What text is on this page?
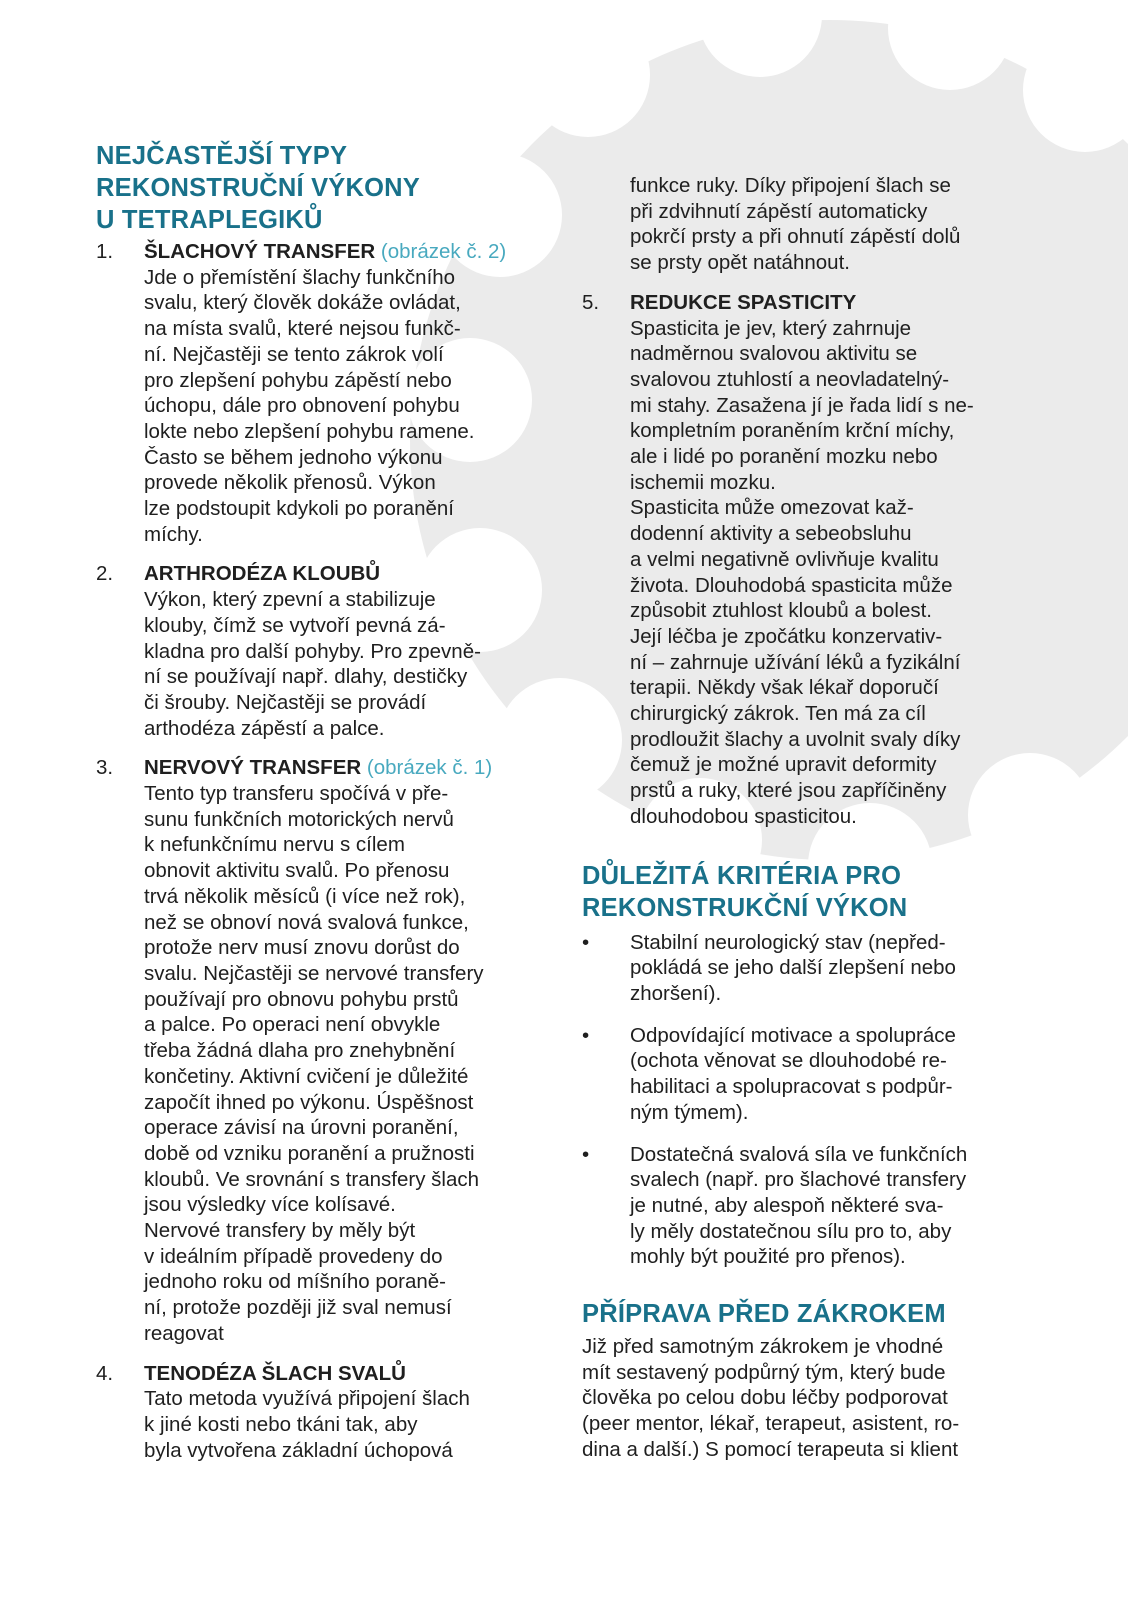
NEJČASTĚJŠÍ TYPY
REKONSTRUČNÍ VÝKONY
U TETRAPLEGIKŮ
1.	ŠLACHOVÝ TRANSFER (obrázek č. 2)
Jde o přemístění šlachy funkčního
svalu, který člověk dokáže ovládat,
na místa svalů, které nejsou funkč-
ní. Nejčastěji se tento zákrok volí
pro zlepšení pohybu zápěstí nebo
úchopu, dále pro obnovení pohybu
lokte nebo zlepšení pohybu ramene.
Často se během jednoho výkonu
provede několik přenosů. Výkon
lze podstoupit kdykoli po poranění
míchy.
2.	ARTHRODÉZA KLOUBŮ
Výkon, který zpevní a stabilizuje
klouby, čímž se vytvoří pevná zá-
kladna pro další pohyby. Pro zpevně-
ní se používají např. dlahy, destičky
či šrouby. Nejčastěji se provádí
arthodéza zápěstí a palce.
3.	NERVOVÝ TRANSFER (obrázek č. 1)
Tento typ transferu spočívá v pře-
sunu funkčních motorických nervů
k nefunkčnímu nervu s cílem
obnovit aktivitu svalů. Po přenosu
trvá několik měsíců (i více než rok),
než se obnoví nová svalová funkce,
protože nerv musí znovu dorůst do
svalu. Nejčastěji se nervové transfery
používají pro obnovu pohybu prstů
a palce. Po operaci není obvykle
třeba žádná dlaha pro znehybnění
končetiny. Aktivní cvičení je důležité
započít ihned po výkonu. Úspěšnost
operace závisí na úrovni poranění,
době od vzniku poranění a pružnosti
kloubů. Ve srovnání s transfery šlach
jsou výsledky více kolísavé.
Nervové transfery by měly být
v ideálním případě provedeny do
jednoho roku od míšního poraně-
ní, protože později již sval nemusí
reagovat
4.	TENODÉZA ŠLACH SVALŮ
Tato metoda využívá připojení šlach
k jiné kosti nebo tkáni tak, aby
byla vytvořena základní úchopová
funkce ruky. Díky připojení šlach se
při zdvihnutí zápěstí automaticky
pokrčí prsty a při ohnutí zápěstí dolů
se prsty opět natáhnout.
5.	REDUKCE SPASTICITY
Spasticita je jev, který zahrnuje
nadměrnou svalovou aktivitu se
svalovou ztuhlostí a neovladatelný-
mi stahy. Zasažena jí je řada lidí s ne-
kompletním poraněním krční míchy,
ale i lidé po poranění mozku nebo
ischemii mozku.
Spasticita může omezovat kaž-
dodenní aktivity a sebeobsluhu
a velmi negativně ovlivňuje kvalitu
života. Dlouhodobá spasticita může
způsobit ztuhlost kloubů a bolest.
Její léčba je zpočátku konzervativ-
ní – zahrnuje užívání léků a fyzikální
terapii. Někdy však lékař doporučí
chirurgický zákrok. Ten má za cíl
prodloužit šlachy a uvolnit svaly díky
čemuž je možné upravit deformity
prstů a ruky, které jsou zapříčiněny
dlouhodobou spasticitou.
DŮLEŽITÁ KRITÉRIA PRO
REKONSTRUKČNÍ VÝKON
•	Stabilní neurologický stav (nepřed-
pokládá se jeho další zlepšení nebo
zhoršení).
•	Odpovídající motivace a spolupráce
(ochota věnovat se dlouhodobé re-
habilitaci a spolupracovat s podpůr-
ným týmem).
•	Dostatečná svalová síla ve funkčních
svalech (např. pro šlachové transfery
je nutné, aby alespoň některé sva-
ly měly dostatečnou sílu pro to, aby
mohly být použité pro přenos).
PŘÍPRAVA PŘED ZÁKROKEM
Již před samotným zákrokem je vhodné
mít sestavený podpůrný tým, který bude
člověka po celou dobu léčby podporovat
(peer mentor, lékař, terapeut, asistent, ro-
dina a další.) S pomocí terapeuta si klient
